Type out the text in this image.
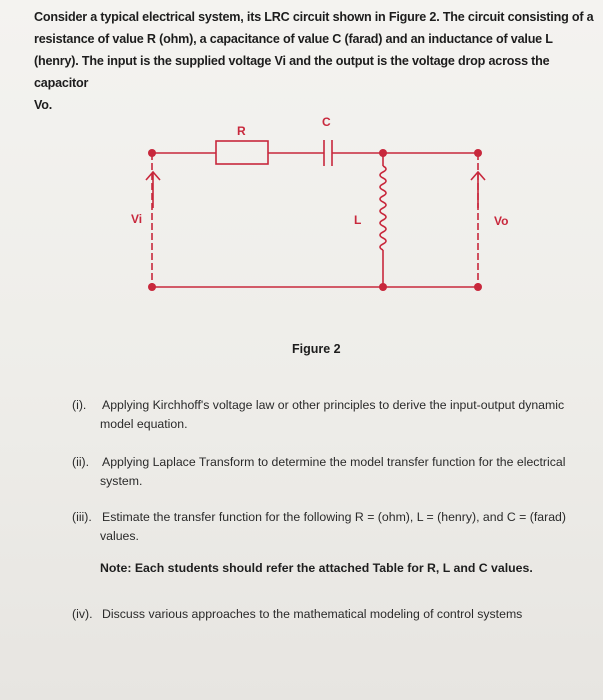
Consider a typical electrical system, its LRC circuit shown in Figure 2. The circuit consisting of a
resistance of value R (ohm), a capacitance of value C (farad) and an inductance of value L
(henry). The input is the supplied voltage Vi and the output is the voltage drop across the capacitor
Vo.
R
C
L
Vi	Vo
Figure 2
(i). Applying Kirchhoff's voltage law or other principles to derive the input-output dynamic
model equation.
(ii). Applying Laplace Transform to determine the model transfer function for the electrical
system.
(iii). Estimate the transfer function for the following R = (ohm), L = (henry), and C = (farad)
values.
Note: Each students should refer the attached Table for R, L and C values.
(iv). Discuss various approaches to the mathematical modeling of control systems
